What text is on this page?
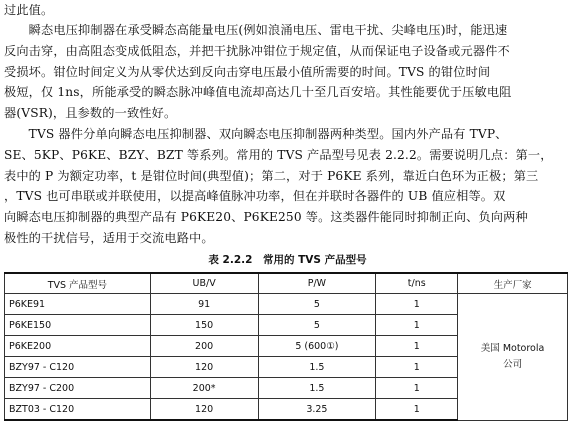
过此值。
　　瞬态电压抑制器在承受瞬态高能量电压(例如浪涌电压、雷电干扰、尖峰电压)时，能迅速
反向击穿，由高阻态变成低阻态，并把干扰脉冲钳位于规定值，从而保证电子设备或元器件不
受损坏。钳位时间定义为从零伏达到反向击穿电压最小值所需要的时间。TVS 的钳位时间
极短，仅 1ns，所能承受的瞬态脉冲峰值电流却高达几十至几百安培。其性能要优于压敏电阻
器(VSR)，且参数的一致性好。
　　TVS 器件分单向瞬态电压抑制器、双向瞬态电压抑制器两种类型。国内外产品有 TVP、
SE、5KP、P6KE、BZY、BZT 等系列。常用的 TVS 产品型号见表 2.2.2。需要说明几点：第一，
表中的 P 为额定功率，t 是钳位时间(典型值)；第二，对于 P6KE 系列，靠近白色环为正极；第三
，TVS 也可串联或并联使用，以提高峰值脉冲功率，但在并联时各器件的 UB 值应相等。双
向瞬态电压抑制器的典型产品有 P6KE20、P6KE250 等。这类器件能同时抑制正向、负向两种
极性的干扰信号，适用于交流电路中。
表 2.2.2　常用的 TVS 产品型号
TVS 产品型号	UB/V	P/W	t/ns	生产厂家
P6KE91	91	5	1	美国 Motorola
公司
P6KE150	150	5	1	
P6KE200	200	5 (600①)	1	
BZY97 - C120	120	1.5	1	
BZY97 - C200	200*	1.5	1	
BZT03 - C120	120	3.25	1	
